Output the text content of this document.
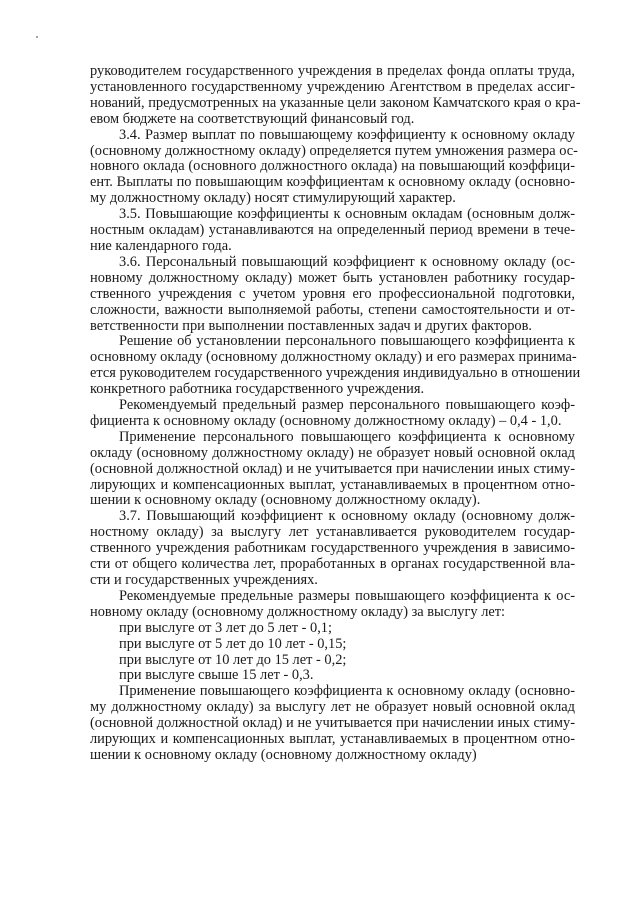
руководителем государственного учреждения в пределах фонда оплаты труда,
установленного государственному учреждению Агентством в пределах ассиг-
нований, предусмотренных на указанные цели законом Камчатского края о кра-
евом бюджете на соответствующий финансовый год.
3.4. Размер выплат по повышающему коэффициенту к основному окладу
(основному должностному окладу) определяется путем умножения размера ос-
новного оклада (основного должностного оклада) на повышающий коэффици-
ент. Выплаты по повышающим коэффициентам к основному окладу (основно-
му должностному окладу) носят стимулирующий характер.
3.5. Повышающие коэффициенты к основным окладам (основным долж-
ностным окладам) устанавливаются на определенный период времени в тече-
ние календарного года.
3.6. Персональный повышающий коэффициент к основному окладу (ос-
новному должностному окладу) может быть установлен работнику государ-
ственного учреждения с учетом уровня его профессиональной подготовки,
сложности, важности выполняемой работы, степени самостоятельности и от-
ветственности при выполнении поставленных задач и других факторов.
Решение об установлении персонального повышающего коэффициента к
основному окладу (основному должностному окладу) и его размерах принима-
ется руководителем государственного учреждения индивидуально в отношении
конкретного работника государственного учреждения.
Рекомендуемый предельный размер персонального повышающего коэф-
фициента к основному окладу (основному должностному окладу) – 0,4 - 1,0.
Применение персонального повышающего коэффициента к основному
окладу (основному должностному окладу) не образует новый основной оклад
(основной должностной оклад) и не учитывается при начислении иных стиму-
лирующих и компенсационных выплат, устанавливаемых в процентном отно-
шении к основному окладу (основному должностному окладу).
3.7. Повышающий коэффициент к основному окладу (основному долж-
ностному окладу) за выслугу лет устанавливается руководителем государ-
ственного учреждения работникам государственного учреждения в зависимо-
сти от общего количества лет, проработанных в органах государственной вла-
сти и государственных учреждениях.
Рекомендуемые предельные размеры повышающего коэффициента к ос-
новному окладу (основному должностному окладу) за выслугу лет:
при выслуге от 3 лет до 5 лет - 0,1;
при выслуге от 5 лет до 10 лет - 0,15;
при выслуге от 10 лет до 15 лет - 0,2;
при выслуге свыше 15 лет - 0,3.
Применение повышающего коэффициента к основному окладу (основно-
му должностному окладу) за выслугу лет не образует новый основной оклад
(основной должностной оклад) и не учитывается при начислении иных стиму-
лирующих и компенсационных выплат, устанавливаемых в процентном отно-
шении к основному окладу (основному должностному окладу)
